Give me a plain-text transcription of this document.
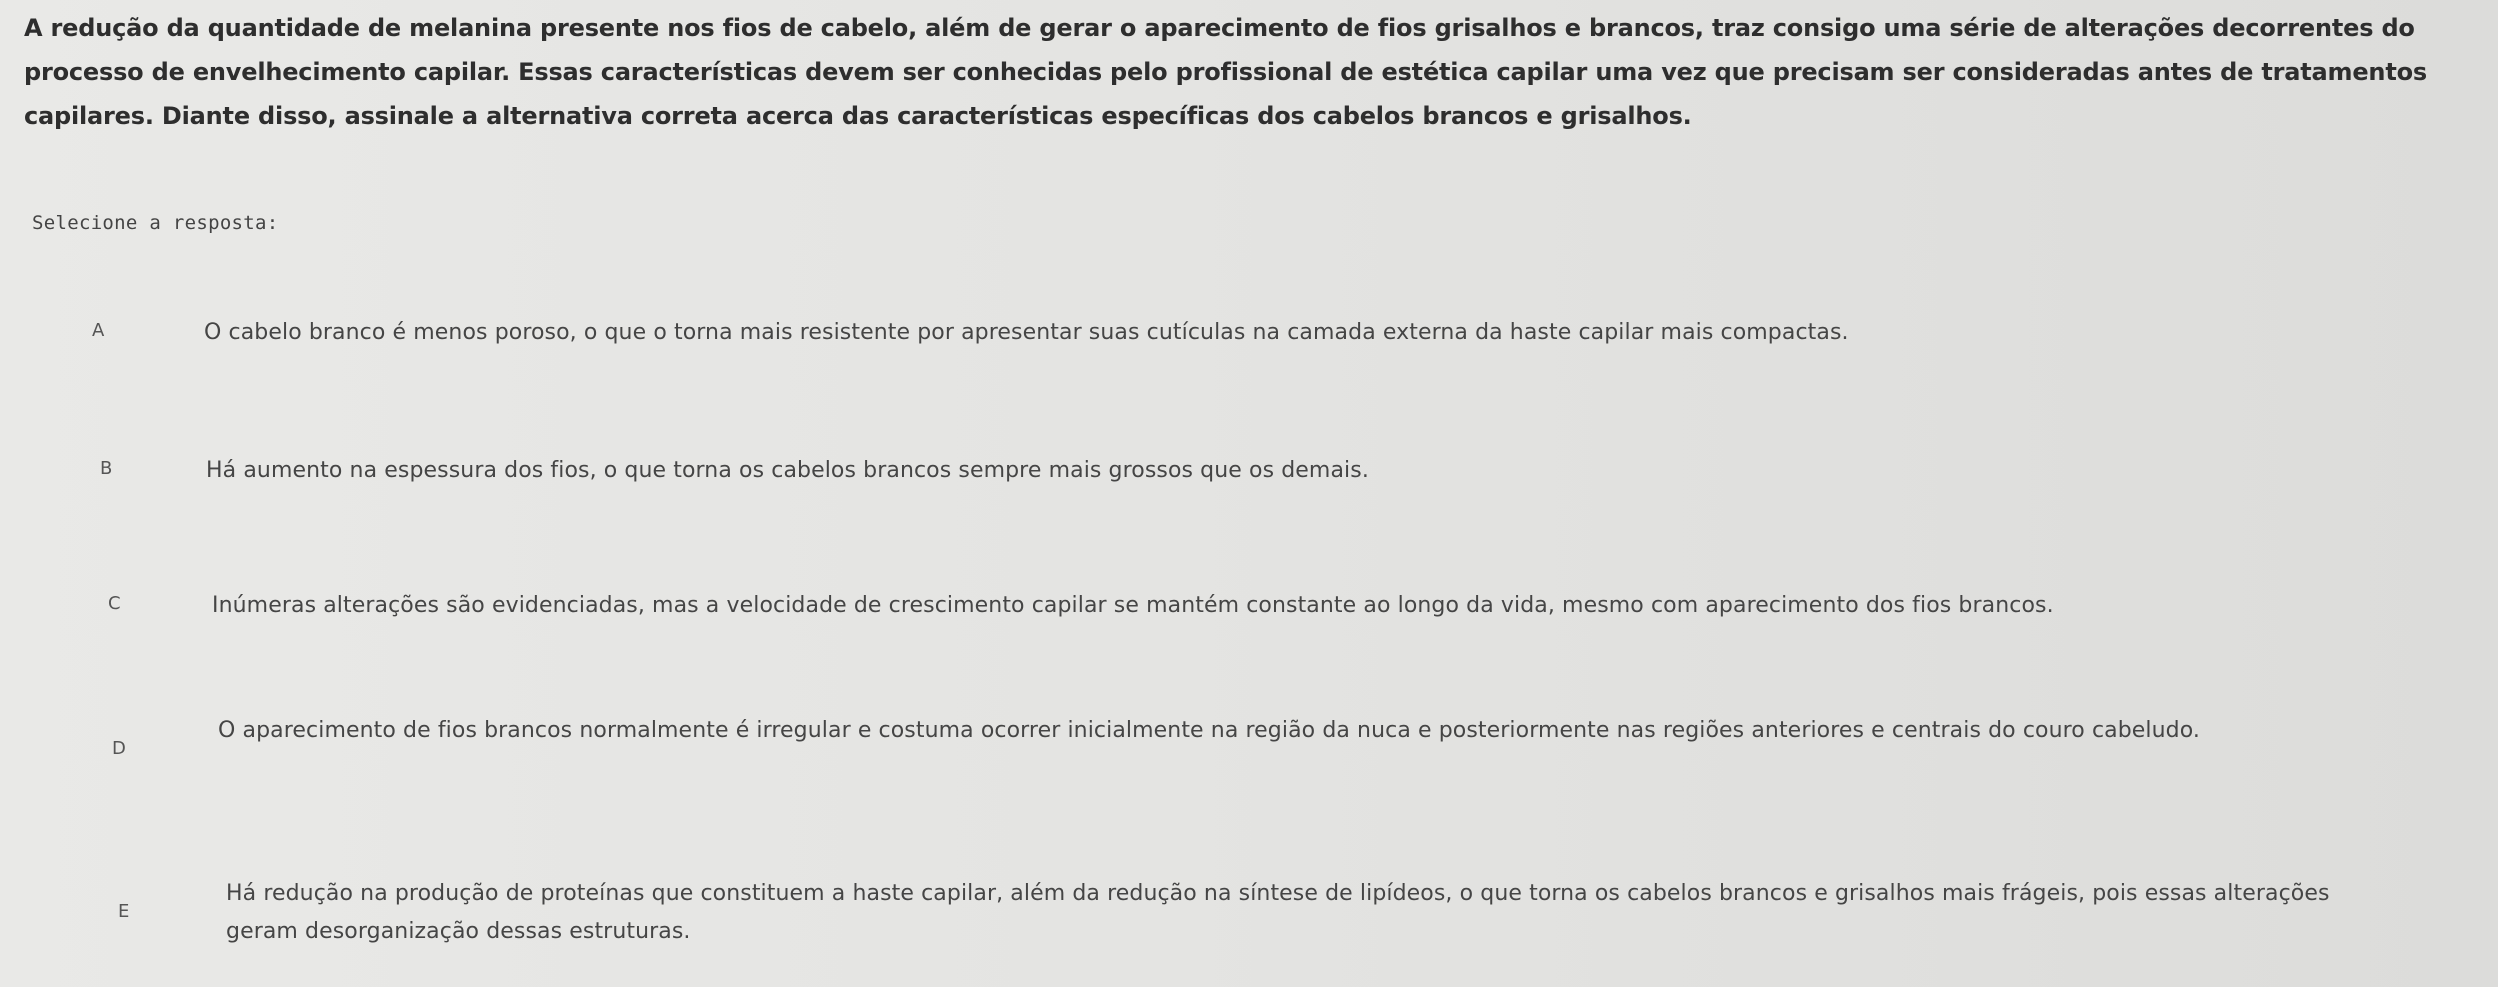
A redução da quantidade de melanina presente nos fios de cabelo, além de gerar o aparecimento de fios grisalhos e brancos, traz consigo uma série de alterações decorrentes do processo de envelhecimento capilar. Essas características devem ser conhecidas pelo profissional de estética capilar uma vez que precisam ser consideradas antes de tratamentos capilares. Diante disso, assinale a alternativa correta acerca das características específicas dos cabelos brancos e grisalhos.
Selecione a resposta:
A	O cabelo branco é menos poroso, o que o torna mais resistente por apresentar suas cutículas na camada externa da haste capilar mais compactas.
B	Há aumento na espessura dos fios, o que torna os cabelos brancos sempre mais grossos que os demais.
C	Inúmeras alterações são evidenciadas, mas a velocidade de crescimento capilar se mantém constante ao longo da vida, mesmo com aparecimento dos fios brancos.
D
O aparecimento de fios brancos normalmente é irregular e costuma ocorrer inicialmente na região da nuca e posteriormente nas regiões anteriores e centrais do couro cabeludo.
E
Há redução na produção de proteínas que constituem a haste capilar, além da redução na síntese de lipídeos, o que torna os cabelos brancos e grisalhos mais frágeis, pois essas alterações geram desorganização dessas estruturas.
